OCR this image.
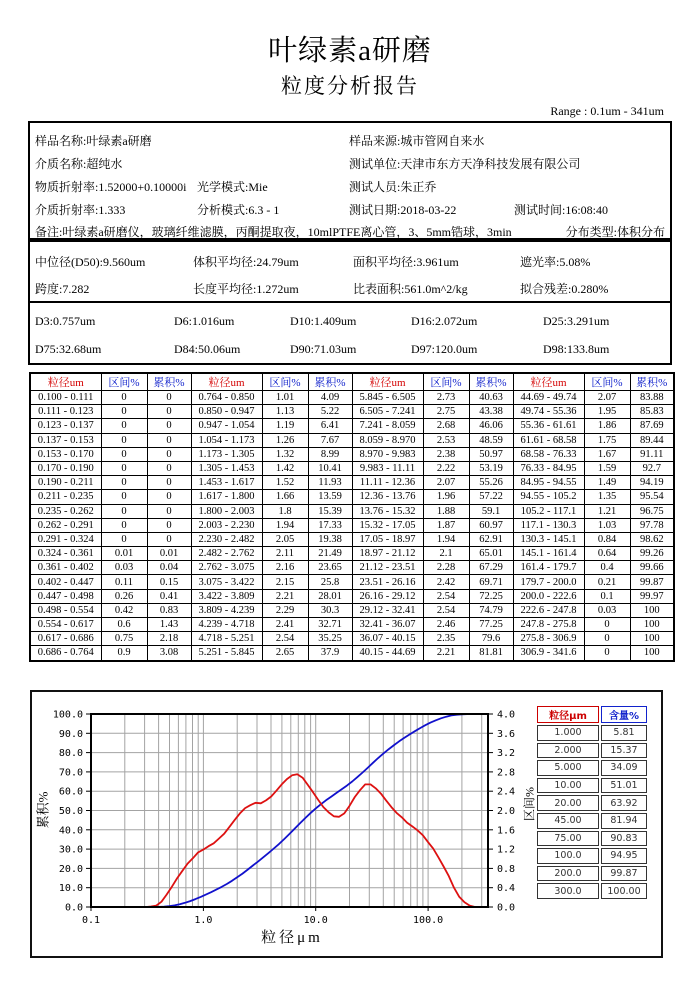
叶绿素a研磨
粒度分析报告
Range : 0.1um - 341um
样品名称:叶绿素a研磨	样品来源:城市管网自来水
介质名称:超纯水	测试单位:天津市东方天净科技发展有限公司
物质折射率:1.52000+0.10000i 光学模式:Mie	测试人员:朱正乔
介质折射率:1.333	分析模式:6.3 - 1	测试日期:2018-03-22	测试时间:16:08:40
备注:叶绿素a研磨仪，玻璃纤维滤膜，丙酮提取夜，10mlPTFE离心管，3、5mm锆球，3min	分布类型:体积分布
中位径(D50):9.560um	体积平均径:24.79um	面积平均径:3.961um	遮光率:5.08%
跨度:7.282	长度平均径:1.272um	比表面积:561.0m^2/kg	拟合残差:0.280%
D3:0.757um	D6:1.016um	D10:1.409um	D16:2.072um	D25:3.291um
D75:32.68um	D84:50.06um	D90:71.03um	D97:120.0um	D98:133.8um
粒径um	区间%	累积%	粒径um	区间%	累积%	粒径um	区间%	累积%	粒径um	区间%	累积%
0.100 - 0.111	0	0	0.764 - 0.850	1.01	4.09	5.845 - 6.505	2.73	40.63	44.69 - 49.74	2.07	83.88
0.111 - 0.123	0	0	0.850 - 0.947	1.13	5.22	6.505 - 7.241	2.75	43.38	49.74 - 55.36	1.95	85.83
0.123 - 0.137	0	0	0.947 - 1.054	1.19	6.41	7.241 - 8.059	2.68	46.06	55.36 - 61.61	1.86	87.69
0.137 - 0.153	0	0	1.054 - 1.173	1.26	7.67	8.059 - 8.970	2.53	48.59	61.61 - 68.58	1.75	89.44
0.153 - 0.170	0	0	1.173 - 1.305	1.32	8.99	8.970 - 9.983	2.38	50.97	68.58 - 76.33	1.67	91.11
0.170 - 0.190	0	0	1.305 - 1.453	1.42	10.41	9.983 - 11.11	2.22	53.19	76.33 - 84.95	1.59	92.7
0.190 - 0.211	0	0	1.453 - 1.617	1.52	11.93	11.11 - 12.36	2.07	55.26	84.95 - 94.55	1.49	94.19
0.211 - 0.235	0	0	1.617 - 1.800	1.66	13.59	12.36 - 13.76	1.96	57.22	94.55 - 105.2	1.35	95.54
0.235 - 0.262	0	0	1.800 - 2.003	1.8	15.39	13.76 - 15.32	1.88	59.1	105.2 - 117.1	1.21	96.75
0.262 - 0.291	0	0	2.003 - 2.230	1.94	17.33	15.32 - 17.05	1.87	60.97	117.1 - 130.3	1.03	97.78
0.291 - 0.324	0	0	2.230 - 2.482	2.05	19.38	17.05 - 18.97	1.94	62.91	130.3 - 145.1	0.84	98.62
0.324 - 0.361	0.01	0.01	2.482 - 2.762	2.11	21.49	18.97 - 21.12	2.1	65.01	145.1 - 161.4	0.64	99.26
0.361 - 0.402	0.03	0.04	2.762 - 3.075	2.16	23.65	21.12 - 23.51	2.28	67.29	161.4 - 179.7	0.4	99.66
0.402 - 0.447	0.11	0.15	3.075 - 3.422	2.15	25.8	23.51 - 26.16	2.42	69.71	179.7 - 200.0	0.21	99.87
0.447 - 0.498	0.26	0.41	3.422 - 3.809	2.21	28.01	26.16 - 29.12	2.54	72.25	200.0 - 222.6	0.1	99.97
0.498 - 0.554	0.42	0.83	3.809 - 4.239	2.29	30.3	29.12 - 32.41	2.54	74.79	222.6 - 247.8	0.03	100
0.554 - 0.617	0.6	1.43	4.239 - 4.718	2.41	32.71	32.41 - 36.07	2.46	77.25	247.8 - 275.8	0	100
0.617 - 0.686	0.75	2.18	4.718 - 5.251	2.54	35.25	36.07 - 40.15	2.35	79.6	275.8 - 306.9	0	100
0.686 - 0.764	0.9	3.08	5.251 - 5.845	2.65	37.9	40.15 - 44.69	2.21	81.81	306.9 - 341.6	0	100
0.0
10.0
20.0
30.0
40.0
50.0
60.0
70.0
80.0
90.0
100.0
0.0
0.4
0.8
1.2
1.6
2.0
2.4
2.8
3.2
3.6
4.0
0.1	1.0	10.0	100.0
累积%	区间%
粒径μm
粒径μm	含量%
1.000	5.81
2.000	15.37
5.000	34.09
10.00	51.01
20.00	63.92
45.00	81.94
75.00	90.83
100.0	94.95
200.0	99.87
300.0	100.00
